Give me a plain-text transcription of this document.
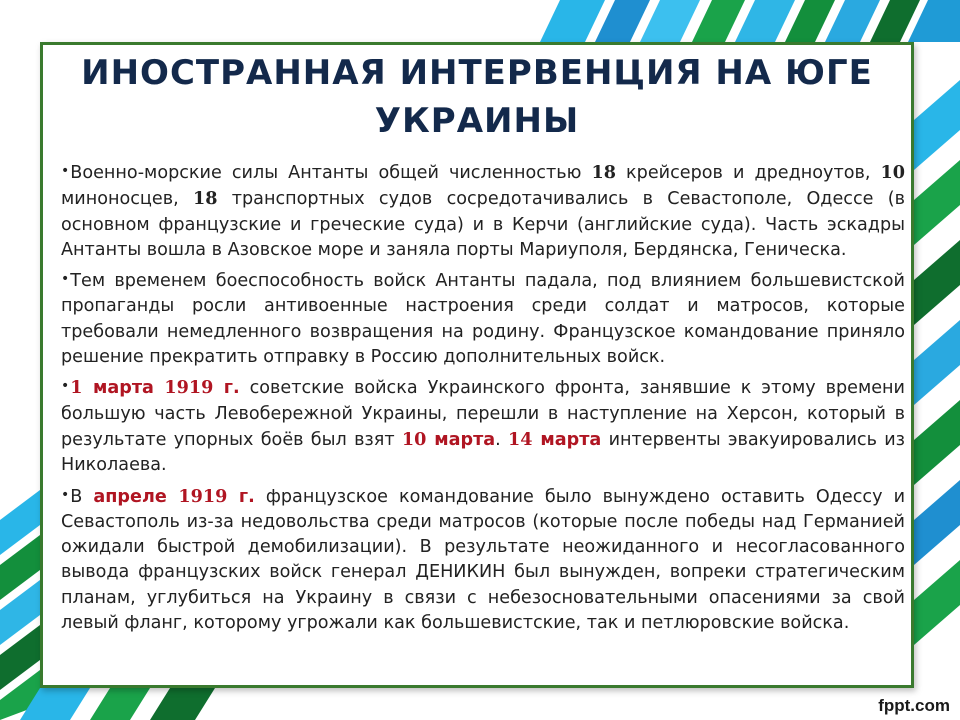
ИНОСТРАННАЯ ИНТЕРВЕНЦИЯ НА ЮГЕ УКРАИНЫ

•Военно-морские силы Антанты общей численностью 18 крейсеров и дредноутов, 10 миноносцев, 18 транспортных судов сосредотачивались в Севастополе, Одессе (в основном французские и греческие суда) и в Керчи (английские суда). Часть эскадры Антанты вошла в Азовское море и заняла порты Мариуполя, Бердянска, Геническа.

•Тем временем боеспособность войск Антанты падала, под влиянием большевистской пропаганды росли антивоенные настроения среди солдат и матросов, которые требовали немедленного возвращения на родину. Французское командование приняло решение прекратить отправку в Россию дополнительных войск.

•1 марта 1919 г. советские войска Украинского фронта, занявшие к этому времени большую часть Левобережной Украины, перешли в наступление на Херсон, который в результате упорных боёв был взят 10 марта. 14 марта интервенты эвакуировались из Николаева.

•В апреле 1919 г. французское командование было вынуждено оставить Одессу и Севастополь из-за недовольства среди матросов (которые после победы над Германией ожидали быстрой демобилизации). В результате неожиданного и несогласованного вывода французских войск генерал ДЕНИКИН был вынужден, вопреки стратегическим планам, углубиться на Украину в связи с небезосновательными опасениями за свой левый фланг, которому угрожали как большевистские, так и петлюровские войска.

fppt.com
